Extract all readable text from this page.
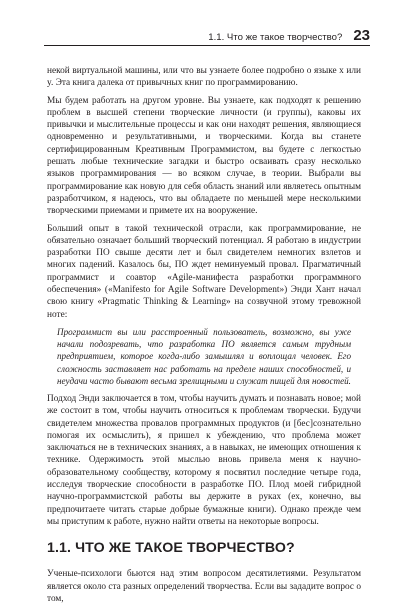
1.1. Что же такое творчество? 23

некой виртуальной машины, или что вы узнаете более подробно о языке x или y. Эта книга далека от привычных книг по программированию.

Мы будем работать на другом уровне. Вы узнаете, как подходят к решению проблем в высшей степени творческие личности (и группы), каковы их привычки и мыслительные процессы и как они находят решения, являющиеся одновременно и результативными, и творческими. Когда вы станете сертифицированным Креативным Программистом, вы будете с легкостью решать любые технические загадки и быстро осваивать сразу несколько языков программирования — во всяком случае, в теории. Выбрали вы программирование как новую для себя область знаний или являетесь опытным разработчиком, я надеюсь, что вы обладаете по меньшей мере несколькими творческими приемами и примете их на вооружение.

Больший опыт в такой технической отрасли, как программирование, не обязательно означает больший творческий потенциал. Я работаю в индустрии разработки ПО свыше десяти лет и был свидетелем немногих взлетов и многих падений. Казалось бы, ПО ждет неминуемый провал. Прагматичный программист и соавтор «Agile-манифеста разработки программного обеспечения» («Manifesto for Agile Software Development») Энди Хант начал свою книгу «Pragmatic Thinking & Learning» на созвучной этому тревожной ноте:

Программист вы или расстроенный пользователь, возможно, вы уже начали подозревать, что разработка ПО является самым трудным предприятием, которое когда-либо замышлял и воплощал человек. Его сложность заставляет нас работать на пределе наших способностей, и неудачи часто бывают весьма зрелищными и служат пищей для новостей.

Подход Энди заключается в том, чтобы научить думать и познавать новое; мой же состоит в том, чтобы научить относиться к проблемам творчески. Будучи свидетелем множества провалов программных продуктов (и [бес]сознательно помогая их осмыслить), я пришел к убеждению, что проблема может заключаться не в технических знаниях, а в навыках, не имеющих отношения к технике. Одержимость этой мыслью вновь привела меня к научно-образовательному сообществу, которому я посвятил последние четыре года, исследуя творческие способности в разработке ПО. Плод моей гибридной научно-программистской работы вы держите в руках (ех, конечно, вы предпочитаете читать старые добрые бумажные книги). Однако прежде чем мы приступим к работе, нужно найти ответы на некоторые вопросы.

1.1. ЧТО ЖЕ ТАКОЕ ТВОРЧЕСТВО?

Ученые-психологи бьются над этим вопросом десятилетиями. Результатом является около ста разных определений творчества. Если вы зададите вопрос о том,
